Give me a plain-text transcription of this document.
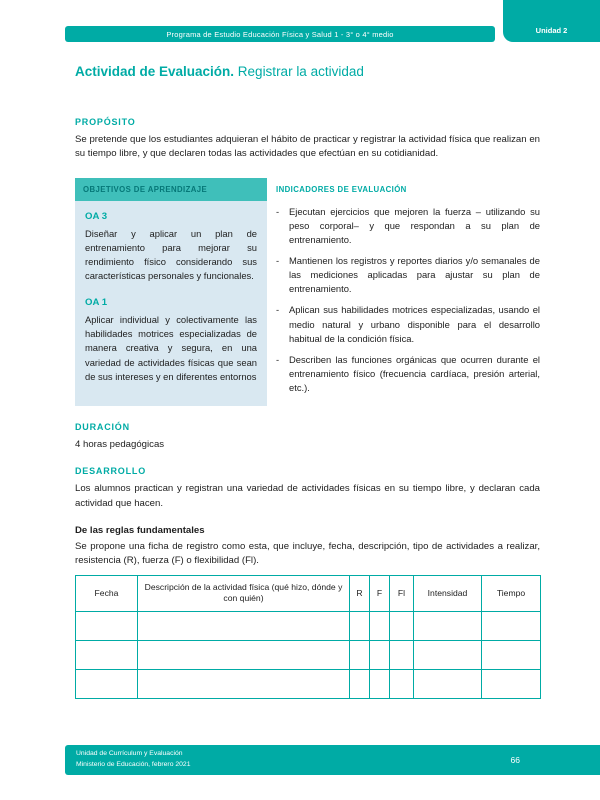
Programa de Estudio Educación Física y Salud 1 - 3° o 4° medio	Unidad 2
Actividad de Evaluación. Registrar la actividad
PROPÓSITO

Se pretende que los estudiantes adquieran el hábito de practicar y registrar la actividad física que realizan en su tiempo libre, y que declaren todas las actividades que efectúan en su cotidianidad.

OBJETIVOS DE APRENDIZAJE
OA 3
Diseñar y aplicar un plan de entrenamiento para mejorar su rendimiento físico considerando sus características personales y funcionales.
OA 1
Aplicar individual y colectivamente las habilidades motrices especializadas de manera creativa y segura, en una variedad de actividades físicas que sean de sus intereses y en diferentes entornos
INDICADORES DE EVALUACIÓN
-	Ejecutan ejercicios que mejoren la fuerza – utilizando su peso corporal– y que respondan a su plan de entrenamiento.
-	Mantienen los registros y reportes diarios y/o semanales de las mediciones aplicadas para ajustar su plan de entrenamiento.
-	Aplican sus habilidades motrices especializadas, usando el medio natural y urbano disponible para el desarrollo habitual de la condición física.
-	Describen las funciones orgánicas que ocurren durante el entrenamiento físico (frecuencia cardíaca, presión arterial, etc.).
DURACIÓN

4 horas pedagógicas

DESARROLLO

Los alumnos practican y registran una variedad de actividades físicas en su tiempo libre, y declaran cada actividad que hacen.

De las reglas fundamentales

Se propone una ficha de registro como esta, que incluye, fecha, descripción, tipo de actividades a realizar, resistencia (R), fuerza (F) o flexibilidad (Fl).

Fecha	Descripción de la actividad física (qué hizo, dónde y con quién)	R	F	Fl	Intensidad	Tiempo

Unidad de Currículum y Evaluación
Ministerio de Educación, febrero 2021	66
